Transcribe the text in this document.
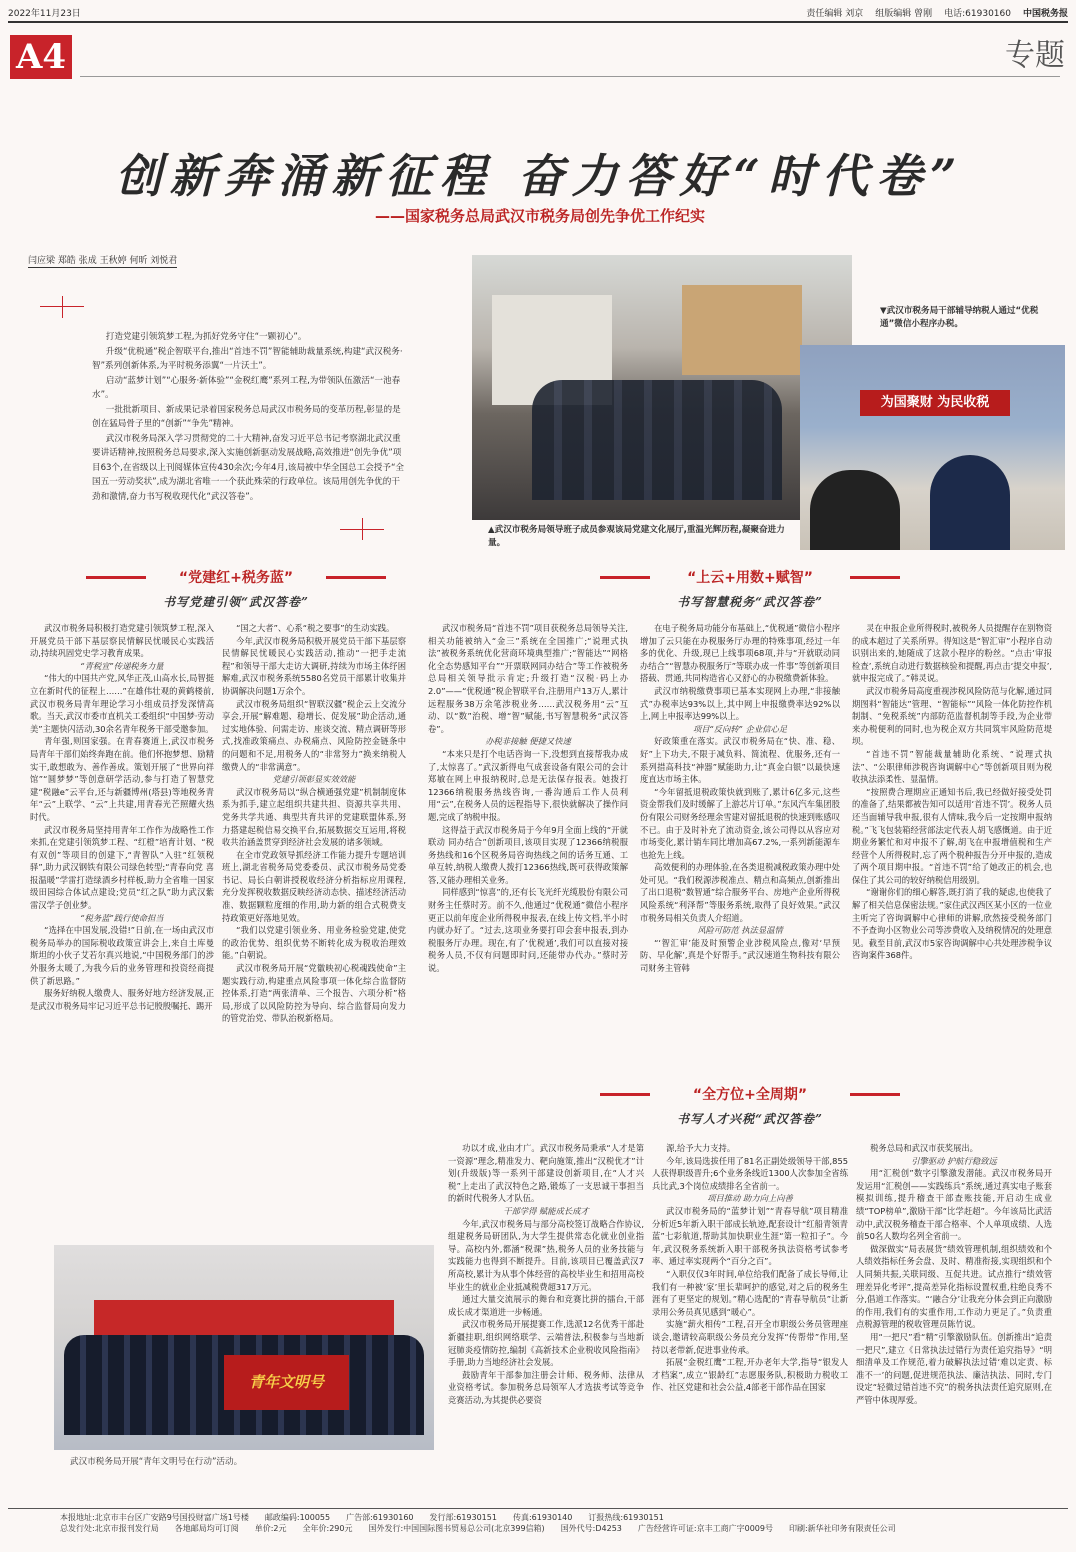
2022年11月23日	责任编辑 刘京 组版编辑 曾刚 电话:61930160 中国税务报
A4	专题
创新奔涌新征程 奋力答好“时代卷”
——国家税务总局武汉市税务局创先争优工作纪实
闫应梁 郑皓 张成 王秋婷 何昕 刘悦君

打造党建引领筑梦工程,为抓好党务守住“一颗初心”。

升级“优税通”税企智联平台,推出“首违不罚”智能辅助裁量系统,构建“武汉税务·智”系列创新体系,为平时税务添翼“一片沃土”。

启动“蓝梦计划”“心服务·新体验”“金税红鹰”系列工程,为带领队伍激活“一池春水”。

一批批新项目、新成果记录着国家税务总局武汉市税务局的变革历程,彰显的是创在猛局骨子里的“创新”“争先”精神。

武汉市税务局深入学习贯彻党的二十大精神,奋发习近平总书记考察湖北武汉重要讲话精神,按照税务总局要求,深入实施创新驱动发展战略,高效推进“创先争优”项目63个,在省级以上刊阅媒体宣传430余次;今年4月,该局被中华全国总工会授予“全国五一劳动奖状”,成为湖北省唯一一个获此殊荣的行政单位。该局用创先争优的干劲和激情,奋力书写税收现代化“武汉答卷”。

为国聚财 为民收税
▼武汉市税务局干部辅导纳税人通过“优税通”微信小程序办税。
▲武汉市税务局领导班子成员参观该局党建文化展厅,重温光辉历程,凝聚奋进力量。
“党建红+税务蓝”
书写党建引领“武汉答卷”
“上云+用数+赋智”
书写智慧税务“武汉答卷”

武汉市税务局积极打造党建引领筑梦工程,深入开展党员干部下基层察民情解民忧暖民心实践活动,持续巩固党史学习教育成果。

“青税宣”传递税务力量

“伟大的中国共产党,风华正茂,山高水长,局智挺立在新时代的征程上……”在雄伟壮观的黄鹤楼前,武汉市税务局青年理论学习小组成员抒发深情高歌。当天,武汉市委市直机关工委组织“中国梦·劳动美”主题快闪活动,30余名青年税务干部受邀参加。

青年强,则国家强。在青春赛道上,武汉市税务局青年干部们始终奔跑在前。他们怀抱梦想、励精实干,敢想敢为、善作善成。策划开展了“世界向祥馆”“圆梦梦”等创意研学活动,参与打造了智慧党建“税融e”云平台,还与新疆博州(塔县)等地税务青年“云”上联学、“云”上共建,用青春光芒照耀火热时代。

武汉市税务局坚持用青年工作作为战略性工作来抓,在党建引领筑梦工程、“红橙”培育计划、“税有双创”等项目的创建下,“青智队”入驻“红领税驿”,助力武汉钢铁有限公司绿色转型;“青春向党 喜报温暖”学雷打造绿酒乡村样板,助力全省唯一国家级田园综合体试点建设;党员“红之队”助力武汉紫雷汉学子创业梦。

“税务蓝”践行使命担当

“选择在中国发展,没错!”日前,在一场由武汉市税务局举办的国际税收政策宣讲会上,来自土库曼斯坦的小伙子艾若尔真兴地说,“中国税务部门的涉外服务太暖了,为我今后的业务管理和投资经商提供了新思路。”

服务好纳税人缴费人、服务好地方经济发展,正是武汉市税务局牢记习近平总书记殷殷嘱托、踢开

“国之大者”、心系“税之要事”的生动实践。

今年,武汉市税务局积极开展党员干部下基层察民情解民忧暖民心实践活动,推动“一把手走流程”和领导干部大走访大调研,持续为市场主体纾困解难,武汉市税务系统5580名党员干部累计收集并协调解决问题1万余个。

武汉市税务局组织“智联汉疆”税企云上交流分享会,开展“解难题、稳增长、促发展”助企活动,通过实地体验、问需走访、座谈交流、精点调研等形式,找准政策痛点、办税痛点、风险防控金链条中的问题和不足,用税务人的“非常努力”换来纳税人缴费人的“非常满意”。

党建引领彰显实效效能

武汉市税务局以“纵合横通强党建”机制制度体系为抓手,建立起组织共建共担、资源共享共用、党务共学共通、典型共育共评的党建联盟体系,努力搭建起税信易交换平台,拓展数据交互运用,将税收共治涵盖贯穿到经济社会发展的诸多领域。

在全市党政领导抓经济工作能力提升专题培训班上,湖北省税务局党委委员、武汉市税务局党委书记、局长白朝讲授税收经济分析指标应用课程,充分发挥税收数据反映经济动态快、描述经济活动准、数据颗粒度细的作用,助力新的组合式税费支持政策更好落地见效。

“我们以党建引领业务、用业务检验党建,使党的政治优势、组织优势不断转化成为税收治理效能。”白朝说。

武汉市税务局开展“党徽映初心税魂践使命”主题实践行动,构建重点风险事项一体化综合监督防控体系,打造“两张清单、三个报告、六项分析”格局,形成了以风险防控为导向、综合监督局向发力的管党治党、带队治税新格局。

武汉市税务局“首违不罚”项目获税务总局领导关注,相关功能被纳入“金三”系统在全国推广;“说理式执法”被税务系统优化营商环境典型推广;“智能达”“网格化全态势感知平台”“开票联网同办结合”等工作被税务总局相关领导批示肯定;升级打造“汉税·码上办2.0”——“优税通”税企智联平台,注册用户13万人,累计远程服务38万余笔涉税业务……武汉税务用“云”互动、以“数”治税、增“智”赋能,书写智慧税务“武汉答卷”。

办税非接触 便捷又快速

“本来只是打个电话咨询一下,没想到直接帮我办成了,太惊喜了。”武汉新得电气成套设备有限公司的会计郑敏在网上申报纳税时,总是无法保存报表。她拨打12366纳税服务热线咨询,一番沟通后工作人员利用“云”,在税务人员的远程指导下,很快就解决了操作问题,完成了纳税申报。

这得益于武汉市税务局于今年9月全面上线的“开就联动 同办结合”创新项目,该项目实现了12366纳税服务热线和16个区税务局咨询热线之间的话务互通、工单互转,纳税人缴费人拨打12366热线,既可获得政策解答,又能办理相关业务。

同样感到“惊喜”的,还有长飞光纤光缆股份有限公司财务主任蔡时芳。前不久,他通过“优税通”微信小程序更正以前年度企业所得税申报表,在线上传文档,半小时内就办好了。“过去,这项业务要打印会套申报表,到办税服务厅办理。现在,有了‘优税通’,我们可以直接对接税务人员,不仅有问题即时问,还能带办代办。”蔡时芳说。

在电子税务局功能分布基础上,“优税通”微信小程序增加了云只能在办税服务厅办理的特殊事项,经过一年多的优化、升级,现已上线事项68项,并与“开就联动同办结合”“智慧办税服务厅”等联办成一件事”等创新项目搭载、贯通,共同构造省心又舒心的办税缴费新体验。

武汉市纳税缴费事项已基本实现网上办理,“非接触式”办税率达93%以上,其中网上申报缴费率达92%以上,网上申报率达99%以上。

项目“反向转” 企业信心足

好政策重在落实。武汉市税务局在“快、准、稳、好”上下功夫,不限于减负料、简流程、优服务,还有一系列措高科技“神器”赋能助力,让“真金白银”以最快速度直达市场主体。

“今年留抵退税政策快就到账了,累计6亿多元,这些资金帮我们及时缓解了上游芯片订单。”东风汽车集团股份有限公司财务经理余雪建对留抵退税的快速到账感叹不已。由于及时补充了流动资金,该公司得以从容应对市场变化,累计销车同比增加高67.2%,一系列新能源车也抢先上线。

高效便利的办理体验,在各类退税减税政策办理中处处可见。“我们税源涉税准点、精点和高频点,创新推出了出口退税“数智通”综合服务平台、房地产企业所得税风险系统“利泽帮”等服务系统,取得了良好效果。”武汉市税务局相关负责人介绍道。

风险可防范 执法显温情

“‘智汇审’能及时预警企业涉税风险点,像对‘早预防、早化解’,真是个好帮手。”武汉速道生物科技有限公司财务主管韩

灵在申报企业所得税时,被税务人员提醒存在别物资的成本超过了关系所界。得知这是“智汇审”小程序自动识别出来的,她随成了这款小程序的粉丝。“点击‘审报检查’,系统自动进行数据核验和提醒,再点击‘提交申报’,就申报完成了。”韩灵说。

武汉市税务局高度重视涉税风险防范与化解,通过同期图料“智能达”管理、“智能标”“风险一体化防控作机制制、“免税系统”内部防范监督机制等手段,为企业带来办税便利的同时,也为税企双方共同筑牢风险防范堤坝。

“首违不罚”智能裁量辅助化系统、“说理式执法”、“公职律师涉税咨询调解中心”等创新项目则为税收执法添柔性、显温情。

“按照费合理期应正通知书后,我已经做好接受处罚的准备了,结果都被告知可以适用‘首违不罚’。税务人员还当面辅导我申报,很有人情味,我今后一定按期申报纳税。”飞飞包装箱经营部法定代表人胡飞感慨道。由于近期业务繁忙和对申报不了解,胡飞在申报增值税和生产经营个人所得税时,忘了两个税种报告分开申报的,造成了两个项目期申报。“首违不罚”给了她改正的机会,也保住了其公司的较好纳税信用级别。

“谢谢你们的细心解答,既打消了我的疑虑,也使我了解了相关信息保密法规。”家住武汉西区某小区的一位业主听完了咨询调解中心律师的讲解,欣然接受税务部门不予查询小区物业公司等涉费收入及纳税情况的处理意见。截至目前,武汉市5家咨询调解中心共处理涉税争议咨询案件368件。

“全方位+全周期”
书写人才兴税“武汉答卷”

功以才成,业由才广。武汉市税务局秉承“人才是第一资源”理念,精准发力、靶向施策,推出“汉税优才”计划(升级版)等一系列干部建设创新项目,在“人才兴税”上走出了武汉特色之路,锻炼了一支思诚干事担当的新时代税务人才队伍。

干部学得 赋能成长成才

今年,武汉市税务局与部分高校签订战略合作协议,组建税务局研团队,为大学生提供常态化就业创业指导。高校内外,都涵“税课”热,税务人员的业务技能与实践能力也得到不断提升。目前,该项目已覆盖武汉7所高校,累计为从事个体经营的高校毕业生和招用高校毕业生的就业企业抵减税费超317万元。

通过大量交流展示的舞台和竞赛比拼的擂台,干部成长成才渠道进一步畅通。

武汉市税务局开展提赛工作,选派12名优秀干部赴新疆挂职,组织网络联学、云端普法,积极参与当地新冠肺炎疫情防控,编制《高新技术企业税收风险指南》手册,助力当地经济社会发展。

鼓励青年干部参加注册会计师、税务师、法律从业资格考试。参加税务总局领军人才选拔考试等竞争竞赛活动,为其提供必要资

源,给予大力支持。

今年,该局选拔任用了81名正副处级领导干部,855人获得职级晋升;6个业务条线近1300人次参加全省练兵比武,3个岗位成绩排名全省前一。

项目推动 助力向上向善

武汉市税务局的“蓝梦计划”“青春导航”项目精准分析近5年新入职干部成长轨迹,配套设计“红船青领青蓝”七彩航道,帮助其加快职业生涯“第一粒扣子”。今年,武汉税务系统新入职干部税务执法资格考试参考率、通过率实现两个“百分之百”。

“入职仅仅3年时间,单位给我们配备了成长导师,让我们有一种被‘家’里长辈呵护的感觉,对之后的税务生涯有了更坚定的规划。”精心选配的“青春导航员”让新录用公务员真见感到“暖心”。

实施“薪火相传”工程,召开全市职级公务员管理座谈会,邀请较高职级公务员充分发挥“传帮带”作用,坚持以老带新,促进事业传承。

拓展“金税红鹰”工程,开办老年大学,指导“银发人才档案”,成立“银龄红”志愿服务队,积极助力税收工作、社区党建和社会公益,4部老干部作品在国家

税务总局和武汉市获奖展出。

引擎驱动 护航行稳致远

用“汇税创”数字引擎激发潜能。武汉市税务局开发运用“汇税创——实践练兵”系统,通过真实电子账套模拟训练,提升稽查干部查账技能,开启动生成业绩“TOP榜单”,激励干部“比学赶超”。今年该局比武活动中,武汉税务稽查干部合格率、个人单项成绩、人选前50名人数均名列全省前一。

做深做实“局表展货”绩效管理机制,组织绩效和个人绩效指标任务会盘、及时、精准衔接,实现组织和个人同频共振,关联同级、互促共进。试点推行“绩效管理差异化考评”,提高差异化指标设置权重,柱绝良秀不分,倡道工作落实。“‘融合分’让我充分体会到正向激励的作用,我们有的实重作用,工作动力更足了。”负责重点税源管理的税收管理员陈竹说。

用“一把尺”看“精”引擎激励队伍。创新推出“追责一把尺”,建立《日常执法过错行为责任追究指导》“明细清单及工作规范,着力破解执法过错‘难以定责、标准不一’的问题,促进规范执法、廉洁执法、同时,专门设定“轻微过错首违不究”的税务执法责任追究原则,在严管中体现厚爱。

青年文明号
武汉市税务局开展“青年文明号在行动”活动。
本报地址:北京市丰台区广安路9号国投财富广场1号楼 邮政编码:100055 广告部:61930160 发行部:61930151 传真:61930140 订报热线:61930151
总发行处:北京市报刊发行局 各地邮局均可订阅 单价:2元 全年价:290元 国外发行:中国国际图书贸易总公司(北京399信箱) 国外代号:D4253 广告经营许可证:京丰工商广字0009号 印刷:新华社印务有限责任公司
